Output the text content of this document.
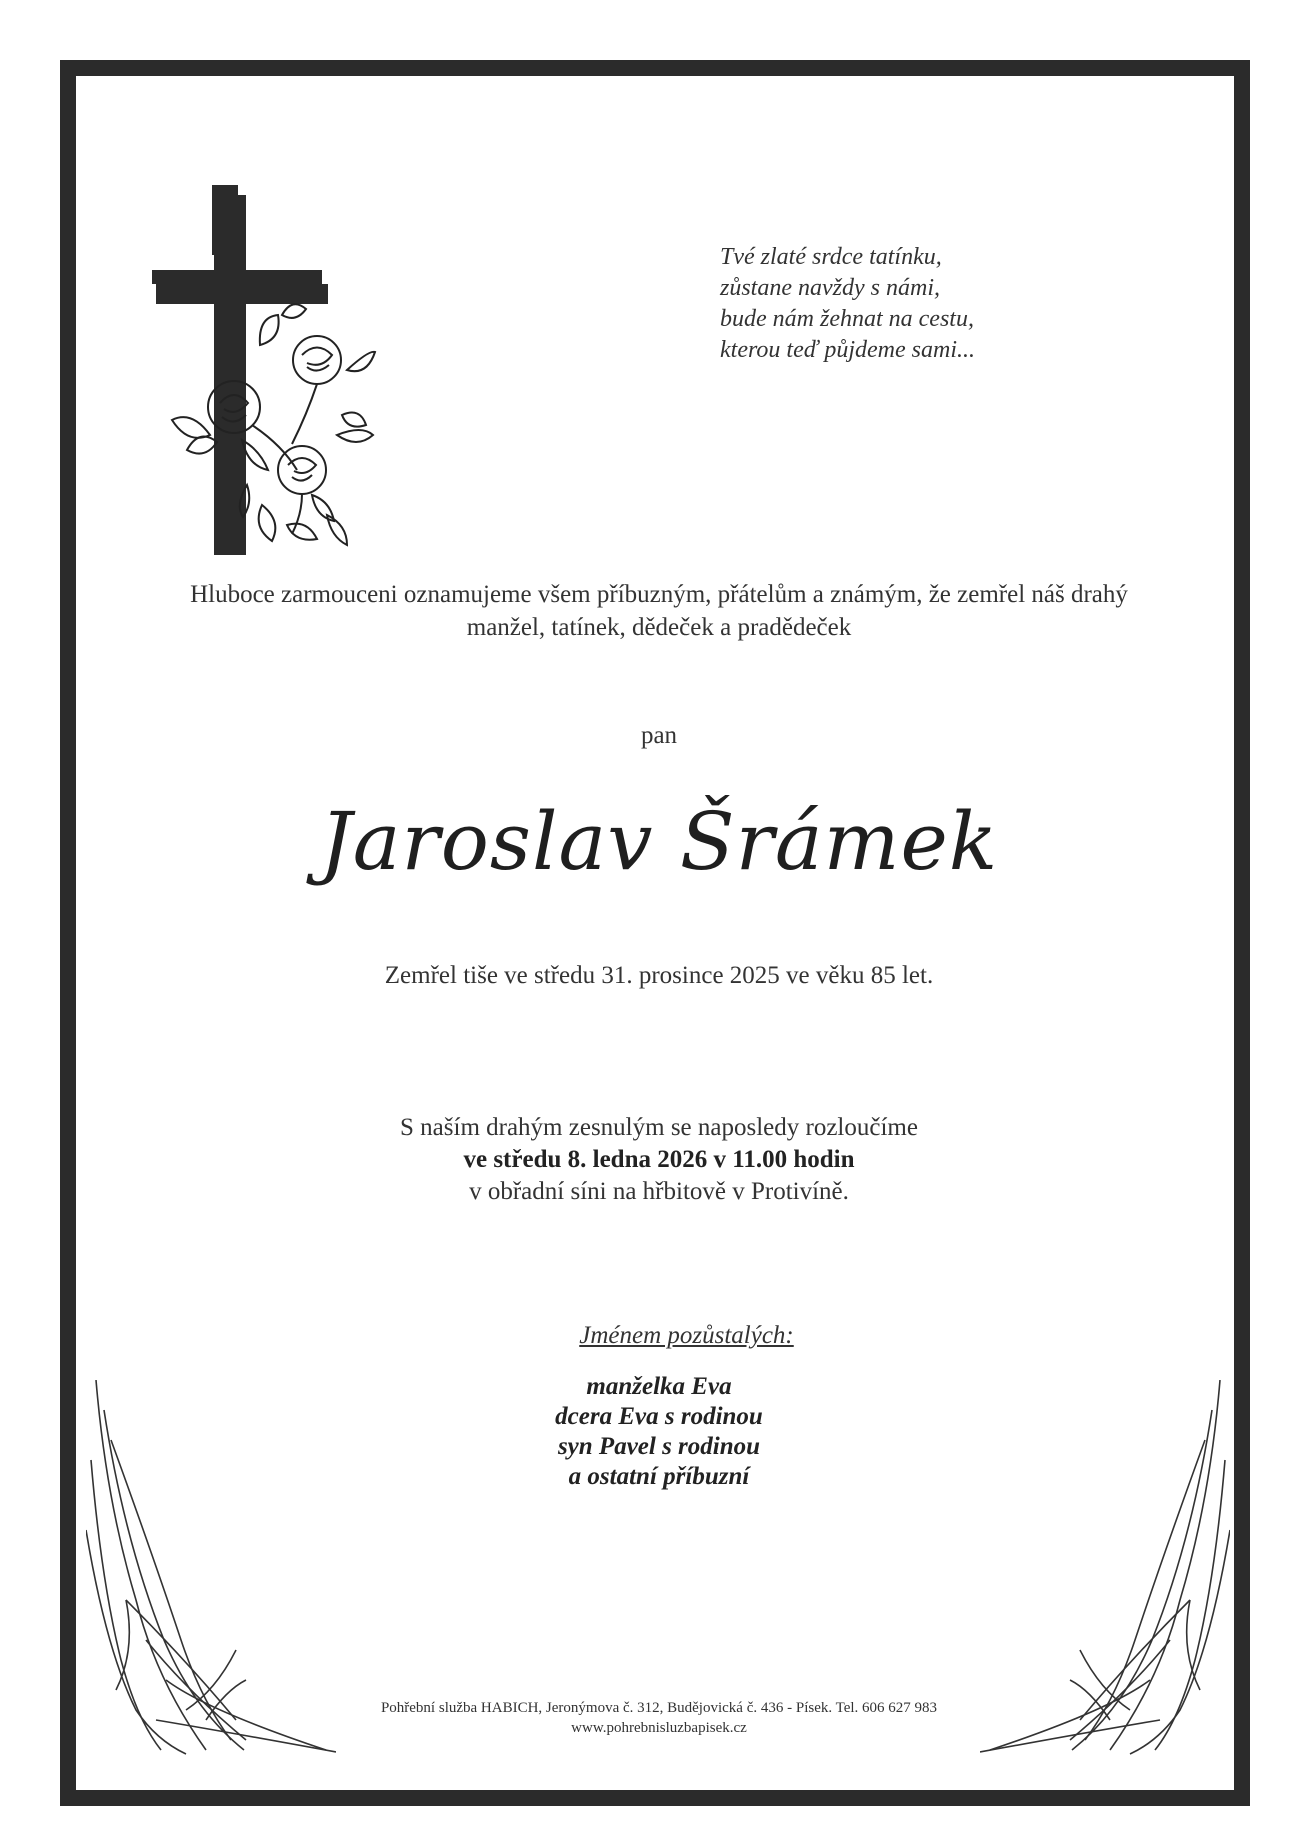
Tvé zlaté srdce tatínku,
zůstane navždy s námi,
bude nám žehnat na cestu,
kterou teď půjdeme sami...
Hluboce zarmouceni oznamujeme všem příbuzným, přátelům a známým, že zemřel náš drahý
manžel, tatínek, dědeček a pradědeček
pan
Jaroslav Šrámek
Zemřel tiše ve středu 31. prosince 2025 ve věku 85 let.
S naším drahým zesnulým se naposledy rozloučíme
ve středu 8. ledna 2026 v 11.00 hodin
v obřadní síni na hřbitově v Protivíně.
Jménem pozůstalých:
manželka Eva
dcera Eva s rodinou
syn Pavel s rodinou
a ostatní příbuzní
Pohřební služba HABICH, Jeronýmova č. 312, Budějovická č. 436 - Písek. Tel. 606 627 983
www.pohrebnisluzbapisek.cz
